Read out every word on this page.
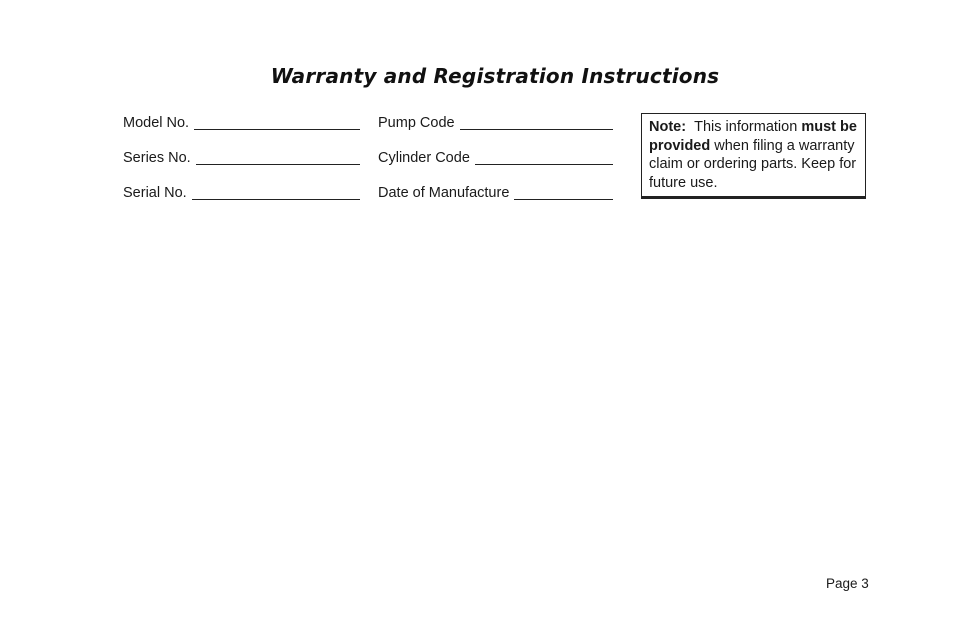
Warranty and Registration Instructions
Model No.
Series No.
Serial No.
Pump Code
Cylinder Code
Date of Manufacture
Note: This information must be provided when filing a warranty claim or ordering parts. Keep for future use.
Page 3
